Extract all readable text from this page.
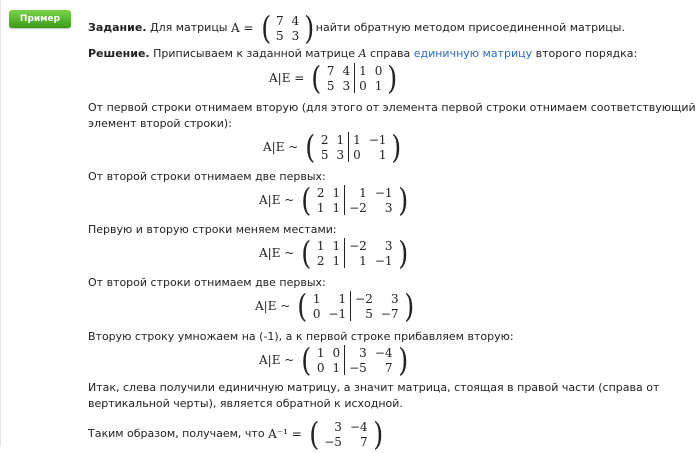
Пример
Задание.
Для матрицы
A = ( 7 4
5 3 ) найти обратную методом присоединенной матрицы.
Решение. Приписываем к заданной матрице A справа единичную матрицу второго порядка:
A|E = ( 7 4 1 0
5 3 0 1 )
От первой строки отнимаем вторую (для этого от элемента первой строки отнимаем соответствующий
элемент второй строки):
A|E ~ ( 2 1 1 −1
5 3 0	1 )
От второй строки отнимаем две первых:
A|E ~ ( 2 1	1 −1
1 1 −2	3 )
Первую и вторую строки меняем местами:
A|E ~ ( 1 1 −2	3
2 1	1 −1 )
От второй строки отнимаем две первых:
A|E ~ ( 1	1 −2	3
0 −1	5 −7 )
Вторую строку умножаем на (-1), а к первой строке прибавляем вторую:
A|E ~ ( 1 0	3 −4
0 1 −5	7 )
Итак, слева получили единичную матрицу, а значит матрица, стоящая в правой части (справа от
вертикальной черты), является обратной к исходной.
Таким образом, получаем, что
A⁻¹ = (	3 −4
−5	7 )
